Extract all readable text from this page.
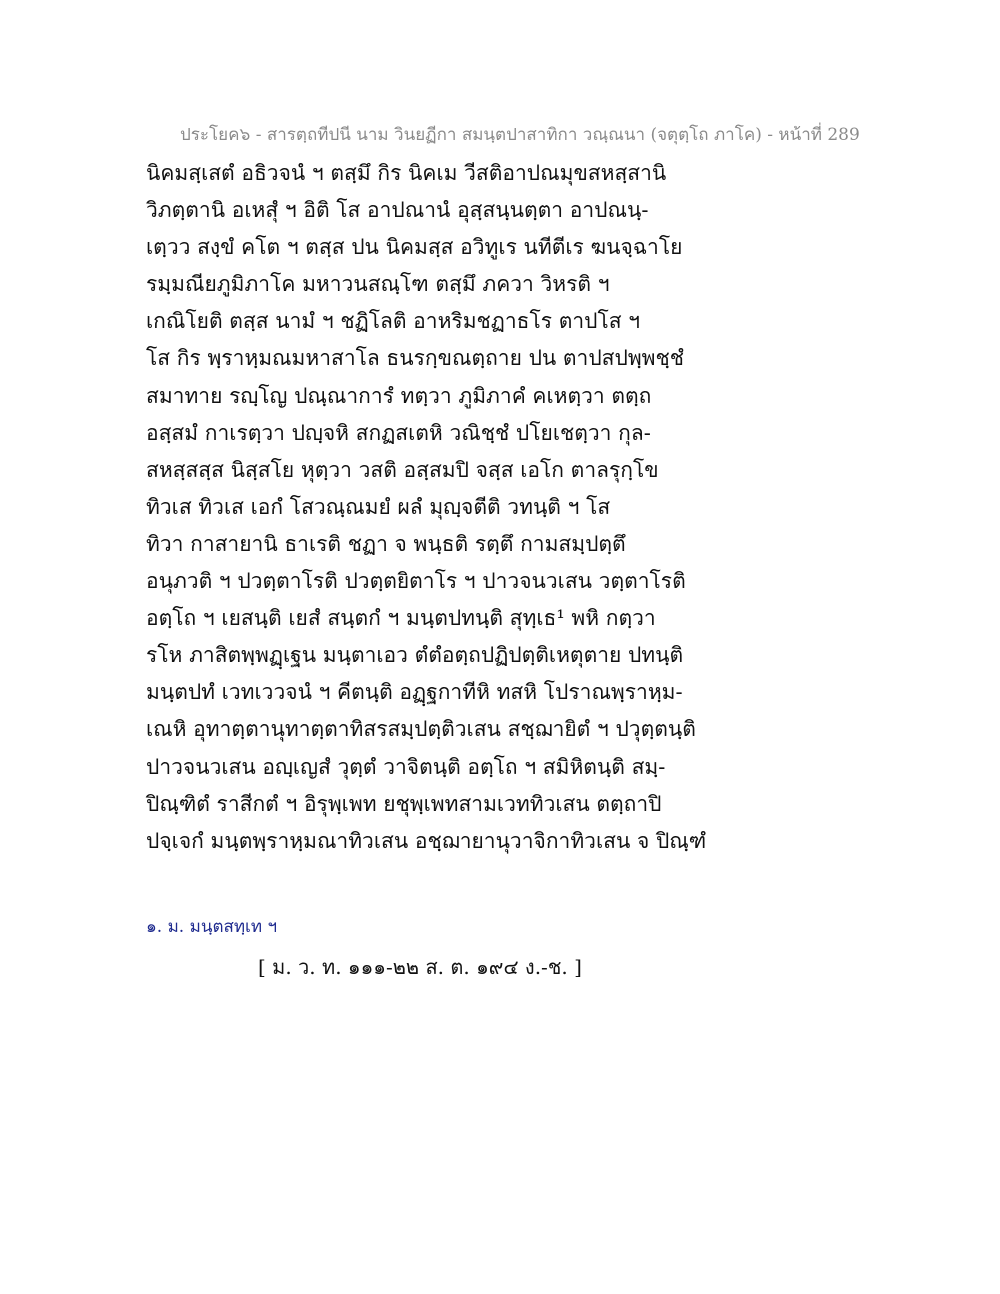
ประโยค๖ - สารตฺถทีปนี นาม วินยฏีกา สมนฺตปาสาทิกา วณฺณนา (จตุตฺโถ ภาโค) - หน้าที่ 289
นิคมสฺเสตํ อธิวจนํ ฯ ตสฺมึ กิร นิคเม วีสติอาปณมุขสหสฺสานิ
วิภตฺตานิ อเหสุํ ฯ อิติ โส อาปณานํ อุสฺสนฺนตฺตา อาปณนฺ-
เตฺวว สงฺขํ คโต ฯ ตสฺส ปน นิคมสฺส อวิทูเร นทีตีเร ฆนจฺฉาโย
รมฺมณียภูมิภาโค มหาวนสณฺโฑ ตสฺมึ ภควา วิหรติ ฯ
เกณิโยติ ตสฺส นามํ ฯ ชฏิโลติ อาหริมชฏาธโร ตาปโส ฯ
โส กิร พฺราหฺมณมหาสาโล ธนรกฺขณตฺถาย ปน ตาปสปพฺพชฺชํ
สมาทาย รญฺโญ ปณฺณาการํ ทตฺวา ภูมิภาคํ คเหตฺวา ตตฺถ
อสฺสมํ กาเรตฺวา ปญฺจหิ สกฏสเตหิ วณิชฺชํ ปโยเชตฺวา กุล-
สหสฺสสฺส นิสฺสโย หุตฺวา วสติ อสฺสมปิ จสฺส เอโก ตาลรุกฺโข
ทิวเส ทิวเส เอกํ โสวณฺณมยํ ผลํ มุญฺจตีติ วทนฺติ ฯ โส
ทิวา กาสายานิ ธาเรติ ชฏา จ พนฺธติ รตฺตึ กามสมฺปตฺตึ
อนุภวติ ฯ ปวตฺตาโรติ ปวตฺตยิตาโร ฯ ปาวจนวเสน วตฺตาโรติ
อตฺโถ ฯ เยสนฺติ เยสํ สนฺตกํ ฯ มนฺตปทนฺติ สุทฺเธ¹ พหิ กตฺวา
รโห ภาสิตพฺพฏฺเฐน มนฺตาเอว ตํตํอตฺถปฏิปตฺติเหตุตาย ปทนฺติ
มนฺตปทํ เวทเววจนํ ฯ คีตนฺติ อฏฺฐกาทีหิ ทสหิ โปราณพฺราหฺม-
เณหิ อุทาตฺตานุทาตฺตาทิสรสมฺปตฺติวเสน สชฺฌายิตํ ฯ ปวุตฺตนฺติ
ปาวจนวเสน อญฺเญสํ วุตฺตํ วาจิตนฺติ อตฺโถ ฯ สมิหิตนฺติ สมฺ-
ปิณฺฑิตํ ราสีกตํ ฯ อิรุพฺเพท ยชุพฺเพทสามเวททิวเสน ตตฺถาปิ
ปจฺเจกํ มนฺตพฺราหฺมณาทิวเสน อชฺฌายานุวาจิกาทิวเสน จ ปิณฺฑํ
๑. ม. มนฺตสทฺเท ฯ
[ ม. ว. ท. ๑๑๑-๒๒ ส. ต. ๑๙๔ ง.-ช. ]
